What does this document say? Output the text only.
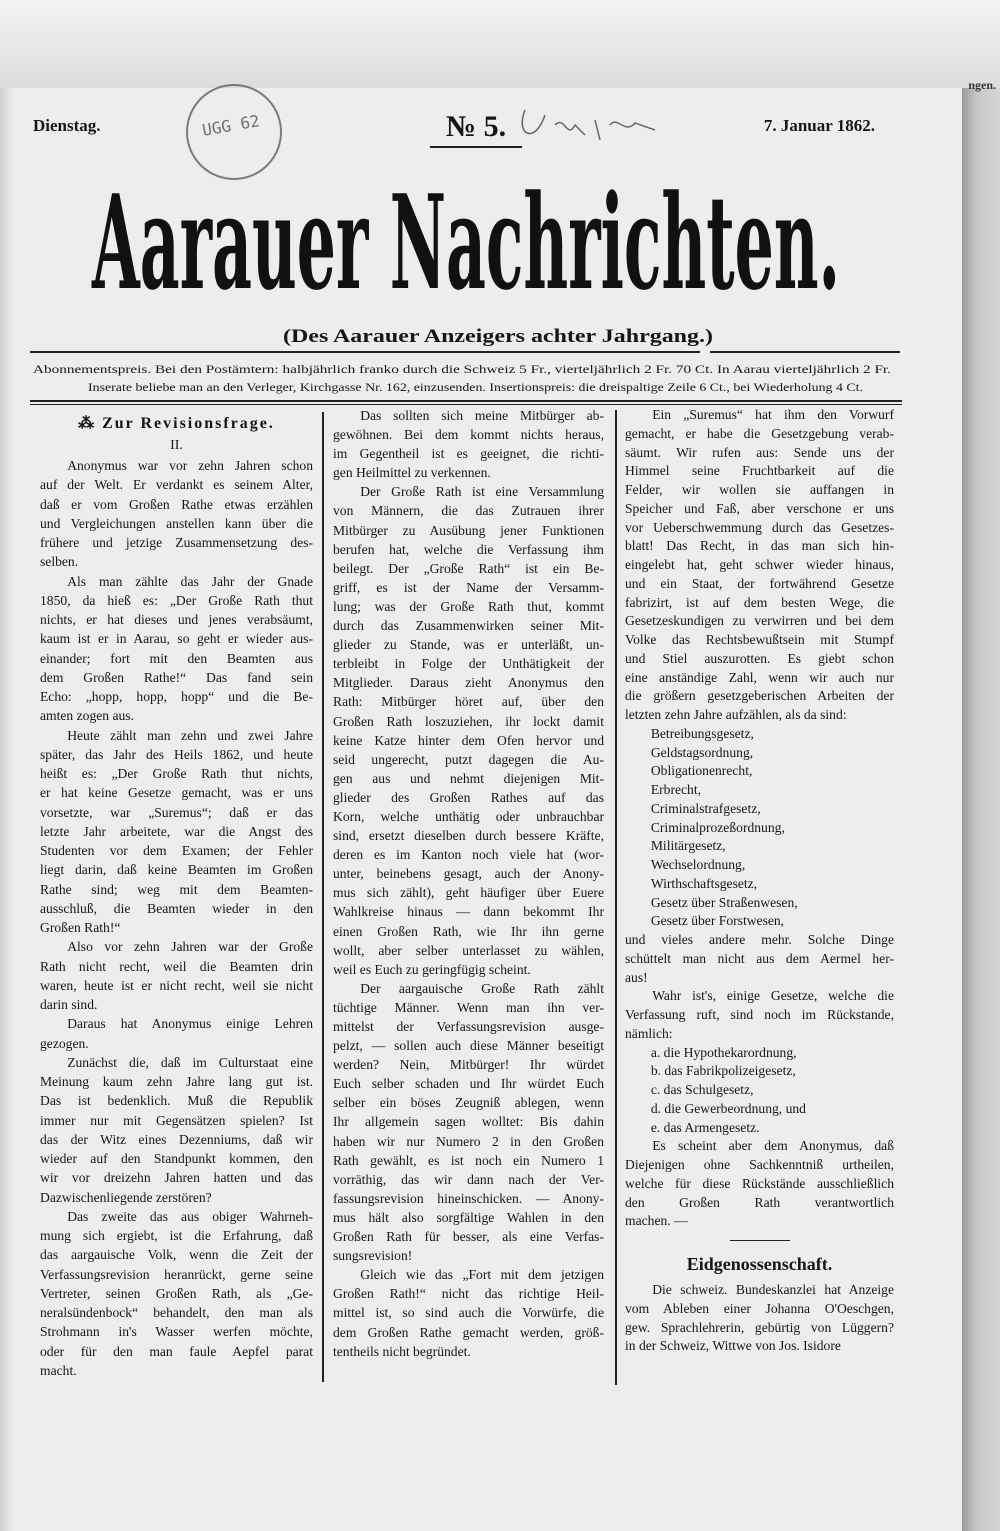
ngen.
UGG 62
Dienstag.	№ 5.	7. Januar 1862.
Aarauer Nachrichten.
(Des Aarauer Anzeigers achter Jahrgang.)
Abonnementspreis. Bei den Postämtern: halbjährlich franko durch die Schweiz 5 Fr., vierteljährlich 2 Fr. 70 Ct. In Aarau vierteljährlich 2 Fr.
Inserate beliebe man an den Verleger, Kirchgasse Nr. 162, einzusenden. Insertionspreis: die dreispaltige Zeile 6 Ct., bei Wiederholung 4 Ct.
⁂ Zur Revisionsfrage.
II.
Anonymus war vor zehn Jahren schon
auf der Welt. Er verdankt es seinem Alter,
daß er vom Großen Rathe etwas erzählen
und Vergleichungen anstellen kann über die
frühere und jetzige Zusammensetzung des-
selben.
Als man zählte das Jahr der Gnade
1850, da hieß es: „Der Große Rath thut
nichts, er hat dieses und jenes verabsäumt,
kaum ist er in Aarau, so geht er wieder aus-
einander; fort mit den Beamten aus
dem Großen Rathe!“ Das fand sein
Echo: „hopp, hopp, hopp“ und die Be-
amten zogen aus.
Heute zählt man zehn und zwei Jahre
später, das Jahr des Heils 1862, und heute
heißt es: „Der Große Rath thut nichts,
er hat keine Gesetze gemacht, was er uns
vorsetzte, war „Suremus“; daß er das
letzte Jahr arbeitete, war die Angst des
Studenten vor dem Examen; der Fehler
liegt darin, daß keine Beamten im Großen
Rathe sind; weg mit dem Beamten-
ausschluß, die Beamten wieder in den
Großen Rath!“
Also vor zehn Jahren war der Große
Rath nicht recht, weil die Beamten drin
waren, heute ist er nicht recht, weil sie nicht
darin sind.
Daraus hat Anonymus einige Lehren
gezogen.
Zunächst die, daß im Culturstaat eine
Meinung kaum zehn Jahre lang gut ist.
Das ist bedenklich. Muß die Republik
immer nur mit Gegensätzen spielen? Ist
das der Witz eines Dezenniums, daß wir
wieder auf den Standpunkt kommen, den
wir vor dreizehn Jahren hatten und das
Dazwischenliegende zerstören?
Das zweite das aus obiger Wahrneh-
mung sich ergiebt, ist die Erfahrung, daß
das aargauische Volk, wenn die Zeit der
Verfassungsrevision heranrückt, gerne seine
Vertreter, seinen Großen Rath, als „Ge-
neralsündenbock“ behandelt, den man als
Strohmann in's Wasser werfen möchte,
oder für den man faule Aepfel parat
macht.
Das sollten sich meine Mitbürger ab-
gewöhnen. Bei dem kommt nichts heraus,
im Gegentheil ist es geeignet, die richti-
gen Heilmittel zu verkennen.
Der Große Rath ist eine Versammlung
von Männern, die das Zutrauen ihrer
Mitbürger zu Ausübung jener Funktionen
berufen hat, welche die Verfassung ihm
beilegt. Der „Große Rath“ ist ein Be-
griff, es ist der Name der Versamm-
lung; was der Große Rath thut, kommt
durch das Zusammenwirken seiner Mit-
glieder zu Stande, was er unterläßt, un-
terbleibt in Folge der Unthätigkeit der
Mitglieder. Daraus zieht Anonymus den
Rath: Mitbürger höret auf, über den
Großen Rath loszuziehen, ihr lockt damit
keine Katze hinter dem Ofen hervor und
seid ungerecht, putzt dagegen die Au-
gen aus und nehmt diejenigen Mit-
glieder des Großen Rathes auf das
Korn, welche unthätig oder unbrauchbar
sind, ersetzt dieselben durch bessere Kräfte,
deren es im Kanton noch viele hat (wor-
unter, beinebens gesagt, auch der Anony-
mus sich zählt), geht häufiger über Euere
Wahlkreise hinaus — dann bekommt Ihr
einen Großen Rath, wie Ihr ihn gerne
wollt, aber selber unterlasset zu wählen,
weil es Euch zu geringfügig scheint.
Der aargauische Große Rath zählt
tüchtige Männer. Wenn man ihn ver-
mittelst der Verfassungsrevision ausge-
pelzt, — sollen auch diese Männer beseitigt
werden? Nein, Mitbürger! Ihr würdet
Euch selber schaden und Ihr würdet Euch
selber ein böses Zeugniß ablegen, wenn
Ihr allgemein sagen wolltet: Bis dahin
haben wir nur Numero 2 in den Großen
Rath gewählt, es ist noch ein Numero 1
vorräthig, das wir dann nach der Ver-
fassungsrevision hineinschicken. — Anony-
mus hält also sorgfältige Wahlen in den
Großen Rath für besser, als eine Verfas-
sungsrevision!
Gleich wie das „Fort mit dem jetzigen
Großen Rath!“ nicht das richtige Heil-
mittel ist, so sind auch die Vorwürfe, die
dem Großen Rathe gemacht werden, größ-
tentheils nicht begründet.
Ein „Suremus“ hat ihm den Vorwurf
gemacht, er habe die Gesetzgebung verab-
säumt. Wir rufen aus: Sende uns der
Himmel seine Fruchtbarkeit auf die
Felder, wir wollen sie auffangen in
Speicher und Faß, aber verschone er uns
vor Ueberschwemmung durch das Gesetzes-
blatt! Das Recht, in das man sich hin-
eingelebt hat, geht schwer wieder hinaus,
und ein Staat, der fortwährend Gesetze
fabrizirt, ist auf dem besten Wege, die
Gesetzeskundigen zu verwirren und bei dem
Volke das Rechtsbewußtsein mit Stumpf
und Stiel auszurotten. Es giebt schon
eine anständige Zahl, wenn wir auch nur
die größern gesetzgeberischen Arbeiten der
letzten zehn Jahre aufzählen, als da sind:
Betreibungsgesetz,
Geldstagsordnung,
Obligationenrecht,
Erbrecht,
Criminalstrafgesetz,
Criminalprozeßordnung,
Militärgesetz,
Wechselordnung,
Wirthschaftsgesetz,
Gesetz über Straßenwesen,
Gesetz über Forstwesen,
und vieles andere mehr. Solche Dinge
schüttelt man nicht aus dem Aermel her-
aus!
Wahr ist's, einige Gesetze, welche die
Verfassung ruft, sind noch im Rückstande,
nämlich:
a. die Hypothekarordnung,
b. das Fabrikpolizeigesetz,
c. das Schulgesetz,
d. die Gewerbeordnung, und
e. das Armengesetz.
Es scheint aber dem Anonymus, daß
Diejenigen ohne Sachkenntniß urtheilen,
welche für diese Rückstände ausschließlich
den Großen Rath verantwortlich
machen. —
Eidgenossenschaft.
Die schweiz. Bundeskanzlei hat Anzeige
vom Ableben einer Johanna O'Oeschgen,
gew. Sprachlehrerin, gebürtig von Lüggern?
in der Schweiz, Wittwe von Jos. Isidore
